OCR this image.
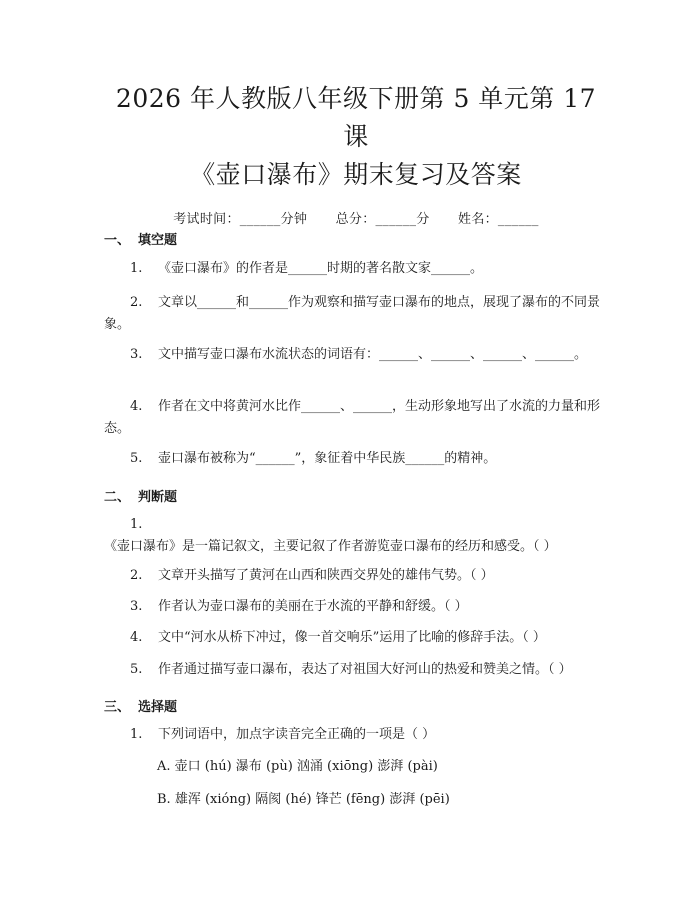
2026 年人教版八年级下册第 5 单元第 17 课
《壶口瀑布》期末复习及答案
考试时间：______分钟 总分：______分 姓名：______
一、 填空题

1. 《壶口瀑布》的作者是______时期的著名散文家______。

2. 文章以______和______作为观察和描写壶口瀑布的地点，展现了瀑布的不同景象。

3. 文中描写壶口瀑布水流状态的词语有：______、______、______、______。

4. 作者在文中将黄河水比作______、______，生动形象地写出了水流的力量和形态。

5. 壶口瀑布被称为“______”，象征着中华民族______的精神。

二、 判断题

1.《壶口瀑布》是一篇记叙文，主要记叙了作者游览壶口瀑布的经历和感受。（ ）

2. 文章开头描写了黄河在山西和陕西交界处的雄伟气势。（ ）

3. 作者认为壶口瀑布的美丽在于水流的平静和舒缓。（ ）

4. 文中“河水从桥下冲过，像一首交响乐”运用了比喻的修辞手法。（ ）

5. 作者通过描写壶口瀑布，表达了对祖国大好河山的热爱和赞美之情。（ ）

三、 选择题

1. 下列词语中，加点字读音完全正确的一项是（ ）

A. 壶口 (hú) 瀑布 (pù) 汹涌 (xiōng) 澎湃 (pài)

B. 雄浑 (xióng) 隔阂 (hé) 锋芒 (fēng) 澎湃 (pēi)
